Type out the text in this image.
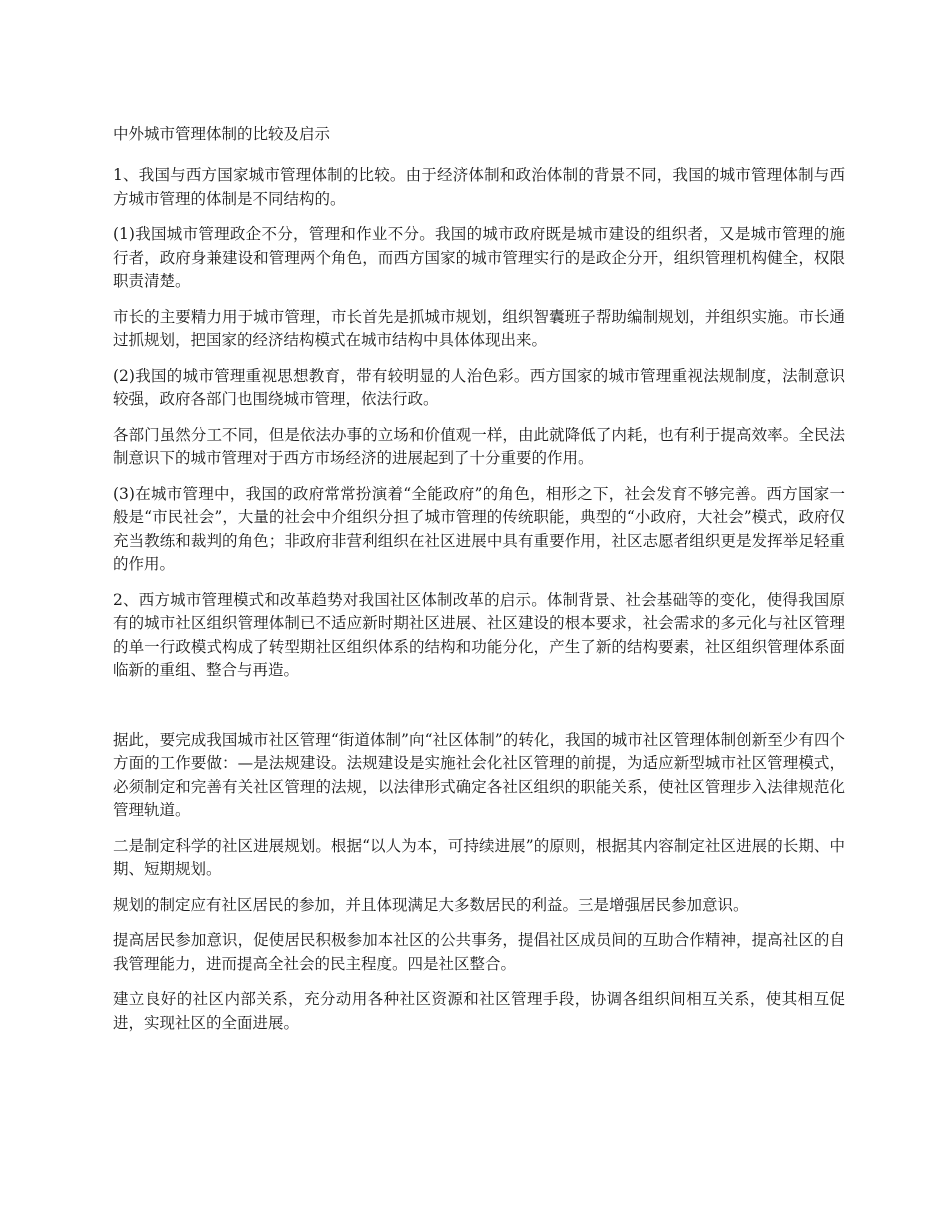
中外城市管理体制的比较及启示

1、我国与西方国家城市管理体制的比较。由于经济体制和政治体制的背景不同，我国的城市管理体制与西方城市管理的体制是不同结构的。

(1)我国城市管理政企不分，管理和作业不分。我国的城市政府既是城市建设的组织者，又是城市管理的施行者，政府身兼建设和管理两个角色，而西方国家的城市管理实行的是政企分开，组织管理机构健全，权限职责清楚。

市长的主要精力用于城市管理，市长首先是抓城市规划，组织智囊班子帮助编制规划，并组织实施。市长通过抓规划，把国家的经济结构模式在城市结构中具体体现出来。

(2)我国的城市管理重视思想教育，带有较明显的人治色彩。西方国家的城市管理重视法规制度，法制意识较强，政府各部门也围绕城市管理，依法行政。

各部门虽然分工不同，但是依法办事的立场和价值观一样，由此就降低了内耗，也有利于提高效率。全民法制意识下的城市管理对于西方市场经济的进展起到了十分重要的作用。

(3)在城市管理中，我国的政府常常扮演着“全能政府”的角色，相形之下，社会发育不够完善。西方国家一般是“市民社会”，大量的社会中介组织分担了城市管理的传统职能，典型的“小政府，大社会”模式，政府仅充当教练和裁判的角色；非政府非营利组织在社区进展中具有重要作用，社区志愿者组织更是发挥举足轻重的作用。

2、西方城市管理模式和改革趋势对我国社区体制改革的启示。体制背景、社会基础等的变化，使得我国原有的城市社区组织管理体制已不适应新时期社区进展、社区建设的根本要求，社会需求的多元化与社区管理的单一行政模式构成了转型期社区组织体系的结构和功能分化，产生了新的结构要素，社区组织管理体系面临新的重组、整合与再造。

据此，要完成我国城市社区管理“街道体制”向“社区体制”的转化，我国的城市社区管理体制创新至少有四个方面的工作要做：—是法规建设。法规建设是实施社会化社区管理的前提，为适应新型城市社区管理模式，必须制定和完善有关社区管理的法规，以法律形式确定各社区组织的职能关系，使社区管理步入法律规范化管理轨道。

二是制定科学的社区进展规划。根据“以人为本，可持续进展”的原则，根据其内容制定社区进展的长期、中期、短期规划。

规划的制定应有社区居民的参加，并且体现满足大多数居民的利益。三是增强居民参加意识。

提高居民参加意识，促使居民积极参加本社区的公共事务，提倡社区成员间的互助合作精神，提高社区的自我管理能力，进而提高全社会的民主程度。四是社区整合。

建立良好的社区内部关系，充分动用各种社区资源和社区管理手段，协调各组织间相互关系，使其相互促进，实现社区的全面进展。
